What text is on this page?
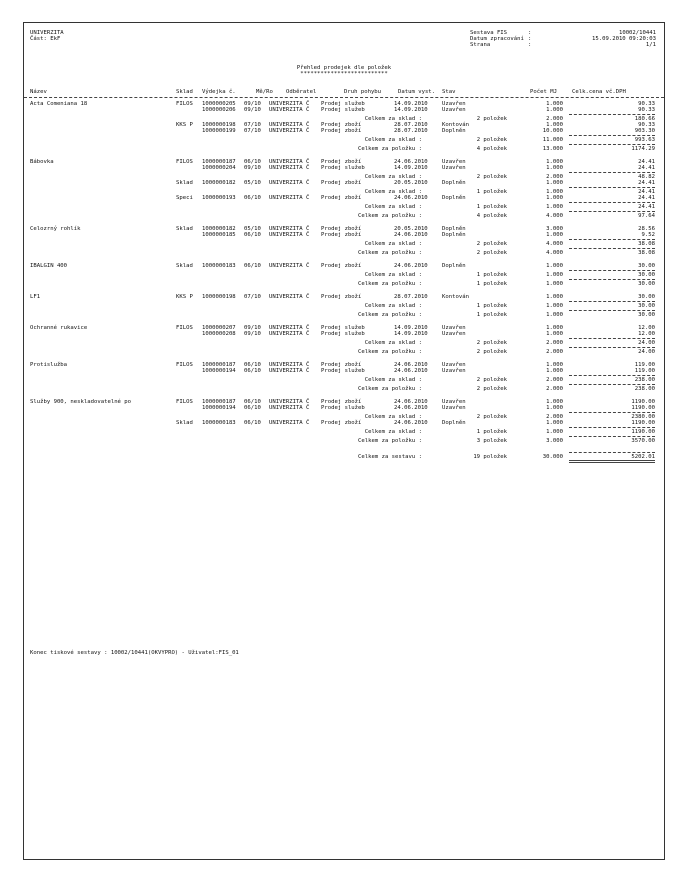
UNIVERZITA
Část: EkF
Sestava FIS	:	10002/10441
Datum zpracování :	15.09.2010 09:20:03
Strana	:	1/1
Přehled prodejek dle položek
**************************
Název	Sklad Výdejka č.	Mě/Ro Odběratel	Druh pohybu	Datum vyst. Stav	Počet MJ	Celk.cena vč.DPH
Acta Comeniana 18	FILOS 1000000205 09/10 UNIVERZITA Č Prodej služeb	14.09.2010	Uzavřen	1.000	90.33
1000000206 09/10 UNIVERZITA Č Prodej služeb	14.09.2010	Uzavřen	1.000	90.33
Celkem za sklad :	2 položek	2.000	180.66
KKS P 1000000198 07/10 UNIVERZITA Č Prodej zboží	28.07.2010	Kontován	1.000	90.33
1000000199 07/10 UNIVERZITA Č Prodej zboží	28.07.2010	Doplněn	10.000	903.30
Celkem za sklad :	2 položek	11.000	993.63
Celkem za položku :	4 položek	13.000	1174.29
Bábovka	FILOS 1000000187 06/10 UNIVERZITA Č Prodej zboží	24.06.2010	Uzavřen	1.000	24.41
1000000204 09/10 UNIVERZITA Č Prodej služeb	14.09.2010	Uzavřen	1.000	24.41
Celkem za sklad :	2 položek	2.000	48.82
Sklad 1000000182 05/10 UNIVERZITA Č Prodej zboží	20.05.2010	Doplněn	1.000	24.41
Celkem za sklad :	1 položek	1.000	24.41
Speci 1000000193 06/10 UNIVERZITA Č Prodej zboží	24.06.2010	Doplněn	1.000	24.41
Celkem za sklad :	1 položek	1.000	24.41
Celkem za položku :	4 položek	4.000	97.64
Celozrný rohlík	Sklad 1000000182 05/10 UNIVERZITA Č Prodej zboží	20.05.2010	Doplněn	3.000	28.56
1000000185 06/10 UNIVERZITA Č Prodej zboží	24.06.2010	Doplněn	1.000	9.52
Celkem za sklad :	2 položek	4.000	38.08
Celkem za položku :	2 položek	4.000	38.08
IBALGIN 400	Sklad 1000000183 06/10 UNIVERZITA Č Prodej zboží	24.06.2010	Doplněn	1.000	30.00
Celkem za sklad :	1 položek	1.000	30.00
Celkem za položku :	1 položek	1.000	30.00
LF1	KKS P 1000000198 07/10 UNIVERZITA Č Prodej zboží	28.07.2010	Kontován	1.000	30.00
Celkem za sklad :	1 položek	1.000	30.00
Celkem za položku :	1 položek	1.000	30.00
Ochranné rukavice	FILOS 1000000207 09/10 UNIVERZITA Č Prodej služeb	14.09.2010	Uzavřen	1.000	12.00
1000000208 09/10 UNIVERZITA Č Prodej služeb	14.09.2010	Uzavřen	1.000	12.00
Celkem za sklad :	2 položek	2.000	24.00
Celkem za položku :	2 položek	2.000	24.00
Protislužba	FILOS 1000000187 06/10 UNIVERZITA Č Prodej zboží	24.06.2010	Uzavřen	1.000	119.00
1000000194 06/10 UNIVERZITA Č Prodej služeb	24.06.2010	Uzavřen	1.000	119.00
Celkem za sklad :	2 položek	2.000	238.00
Celkem za položku :	2 položek	2.000	238.00
Služby 900, neskladovatelné po	FILOS 1000000187 06/10 UNIVERZITA Č Prodej zboží	24.06.2010	Uzavřen	1.000	1190.00
1000000194 06/10 UNIVERZITA Č Prodej služeb	24.06.2010	Uzavřen	1.000	1190.00
Celkem za sklad :	2 položek	2.000	2380.00
Sklad 1000000183 06/10 UNIVERZITA Č Prodej zboží	24.06.2010	Doplněn	1.000	1190.00
Celkem za sklad :	1 položek	1.000	1190.00
Celkem za položku :	3 položek	3.000	3570.00
Celkem za sestavu :	19 položek	30.000	5202.01
Konec tiskové sestavy : 10002/10441(OKVYPRO) - Uživatel:FIS_01
